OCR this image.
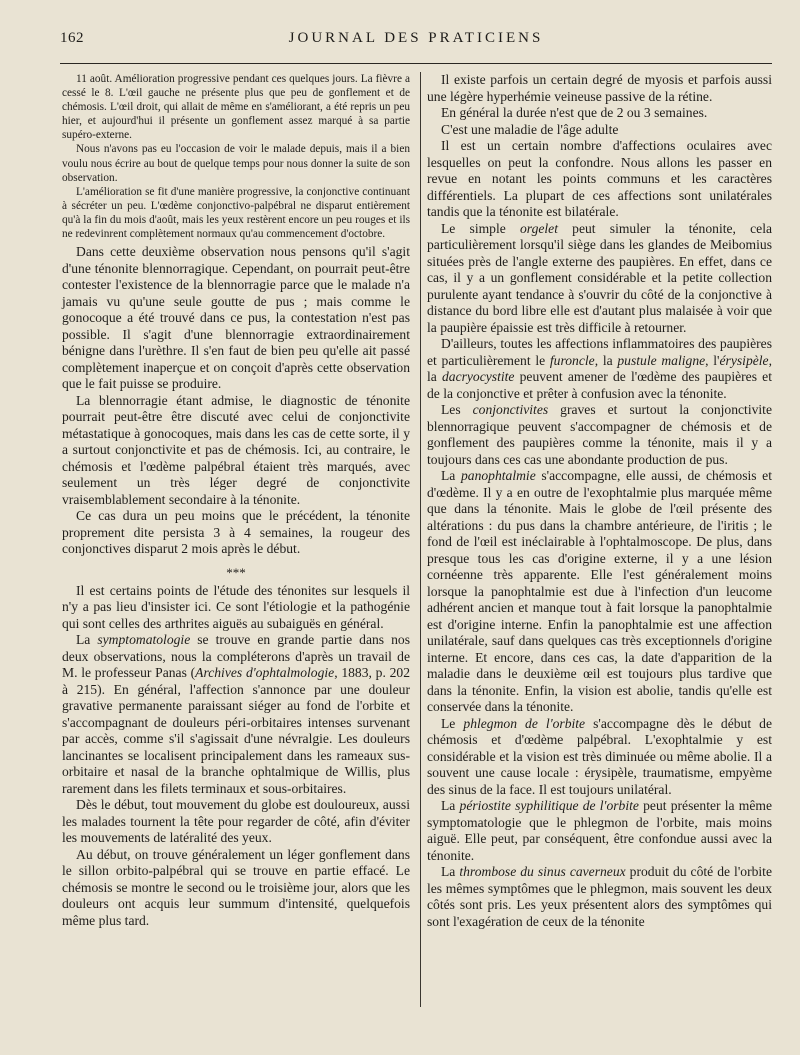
162	JOURNAL DES PRATICIENS

11 août. Amélioration progressive pendant ces quelques jours. La fièvre a cessé le 8. L'œil gauche ne présente plus que peu de gonflement et de chémosis. L'œil droit, qui allait de même en s'améliorant, a été repris un peu hier, et aujourd'hui il présente un gonflement assez marqué à sa partie supéro-externe.

Nous n'avons pas eu l'occasion de voir le malade depuis, mais il a bien voulu nous écrire au bout de quelque temps pour nous donner la suite de son observation.

L'amélioration se fit d'une manière progressive, la conjonctive continuant à sécréter un peu. L'œdème conjonctivo-palpébral ne disparut entièrement qu'à la fin du mois d'août, mais les yeux restèrent encore un peu rouges et ils ne redevinrent complètement normaux qu'au commencement d'octobre.

Dans cette deuxième observation nous pensons qu'il s'agit d'une ténonite blennorragique. Cependant, on pourrait peut-être contester l'existence de la blennorragie parce que le malade n'a jamais vu qu'une seule goutte de pus ; mais comme le gonocoque a été trouvé dans ce pus, la contestation n'est pas possible. Il s'agit d'une blennorragie extraordinairement bénigne dans l'urèthre. Il s'en faut de bien peu qu'elle ait passé complètement inaperçue et on conçoit d'après cette observation que le fait puisse se produire.

La blennorragie étant admise, le diagnostic de ténonite pourrait peut-être être discuté avec celui de conjonctivite métastatique à gonocoques, mais dans les cas de cette sorte, il y a surtout conjonctivite et pas de chémosis. Ici, au contraire, le chémosis et l'œdème palpébral étaient très marqués, avec seulement un très léger degré de conjonctivite vraisemblablement secondaire à la ténonite.

Ce cas dura un peu moins que le précédent, la ténonite proprement dite persista 3 à 4 semaines, la rougeur des conjonctives disparut 2 mois après le début.

***

Il est certains points de l'étude des ténonites sur lesquels il n'y a pas lieu d'insister ici. Ce sont l'étiologie et la pathogénie qui sont celles des arthrites aiguës au subaiguës en général.

La symptomatologie se trouve en grande partie dans nos deux observations, nous la compléterons d'après un travail de M. le professeur Panas (Archives d'ophtalmologie, 1883, p. 202 à 215). En général, l'affection s'annonce par une douleur gravative permanente paraissant siéger au fond de l'orbite et s'accompagnant de douleurs péri-orbitaires intenses survenant par accès, comme s'il s'agissait d'une névralgie. Les douleurs lancinantes se localisent principalement dans les rameaux sus-orbitaire et nasal de la branche ophtalmique de Willis, plus rarement dans les filets terminaux et sous-orbitaires.

Dès le début, tout mouvement du globe est douloureux, aussi les malades tournent la tête pour regarder de côté, afin d'éviter les mouvements de latéralité des yeux.

Au début, on trouve généralement un léger gonflement dans le sillon orbito-palpébral qui se trouve en partie effacé. Le chémosis se montre le second ou le troisième jour, alors que les douleurs ont acquis leur summum d'intensité, quelquefois même plus tard.

Il existe parfois un certain degré de myosis et parfois aussi une légère hyperhémie veineuse passive de la rétine.

En général la durée n'est que de 2 ou 3 semaines.

C'est une maladie de l'âge adulte

Il est un certain nombre d'affections oculaires avec lesquelles on peut la confondre. Nous allons les passer en revue en notant les points communs et les caractères différentiels. La plupart de ces affections sont unilatérales tandis que la ténonite est bilatérale.

Le simple orgelet peut simuler la ténonite, cela particulièrement lorsqu'il siège dans les glandes de Meibomius situées près de l'angle externe des paupières. En effet, dans ce cas, il y a un gonflement considérable et la petite collection purulente ayant tendance à s'ouvrir du côté de la conjonctive à distance du bord libre elle est d'autant plus malaisée à voir que la paupière épaissie est très difficile à retourner.

D'ailleurs, toutes les affections inflammatoires des paupières et particulièrement le furoncle, la pustule maligne, l'érysipèle, la dacryocystite peuvent amener de l'œdème des paupières et de la conjonctive et prêter à confusion avec la ténonite.

Les conjonctivites graves et surtout la conjonctivite blennorragique peuvent s'accompagner de chémosis et de gonflement des paupières comme la ténonite, mais il y a toujours dans ces cas une abondante production de pus.

La panophtalmie s'accompagne, elle aussi, de chémosis et d'œdème. Il y a en outre de l'exophtalmie plus marquée même que dans la ténonite. Mais le globe de l'œil présente des altérations : du pus dans la chambre antérieure, de l'iritis ; le fond de l'œil est inéclairable à l'ophtalmoscope. De plus, dans presque tous les cas d'origine externe, il y a une lésion cornéenne très apparente. Elle l'est généralement moins lorsque la panophtalmie est due à l'infection d'un leucome adhérent ancien et manque tout à fait lorsque la panophtalmie est d'origine interne. Enfin la panophtalmie est une affection unilatérale, sauf dans quelques cas très exceptionnels d'origine interne. Et encore, dans ces cas, la date d'apparition de la maladie dans le deuxième œil est toujours plus tardive que dans la ténonite. Enfin, la vision est abolie, tandis qu'elle est conservée dans la ténonite.

Le phlegmon de l'orbite s'accompagne dès le début de chémosis et d'œdème palpébral. L'exophtalmie y est considérable et la vision est très diminuée ou même abolie. Il a souvent une cause locale : érysipèle, traumatisme, empyème des sinus de la face. Il est toujours unilatéral.

La périostite syphilitique de l'orbite peut présenter la même symptomatologie que le phlegmon de l'orbite, mais moins aiguë. Elle peut, par conséquent, être confondue aussi avec la ténonite.

La thrombose du sinus caverneux produit du côté de l'orbite les mêmes symptômes que le phlegmon, mais souvent les deux côtés sont pris. Les yeux présentent alors des symptômes qui sont l'exagération de ceux de la ténonite
